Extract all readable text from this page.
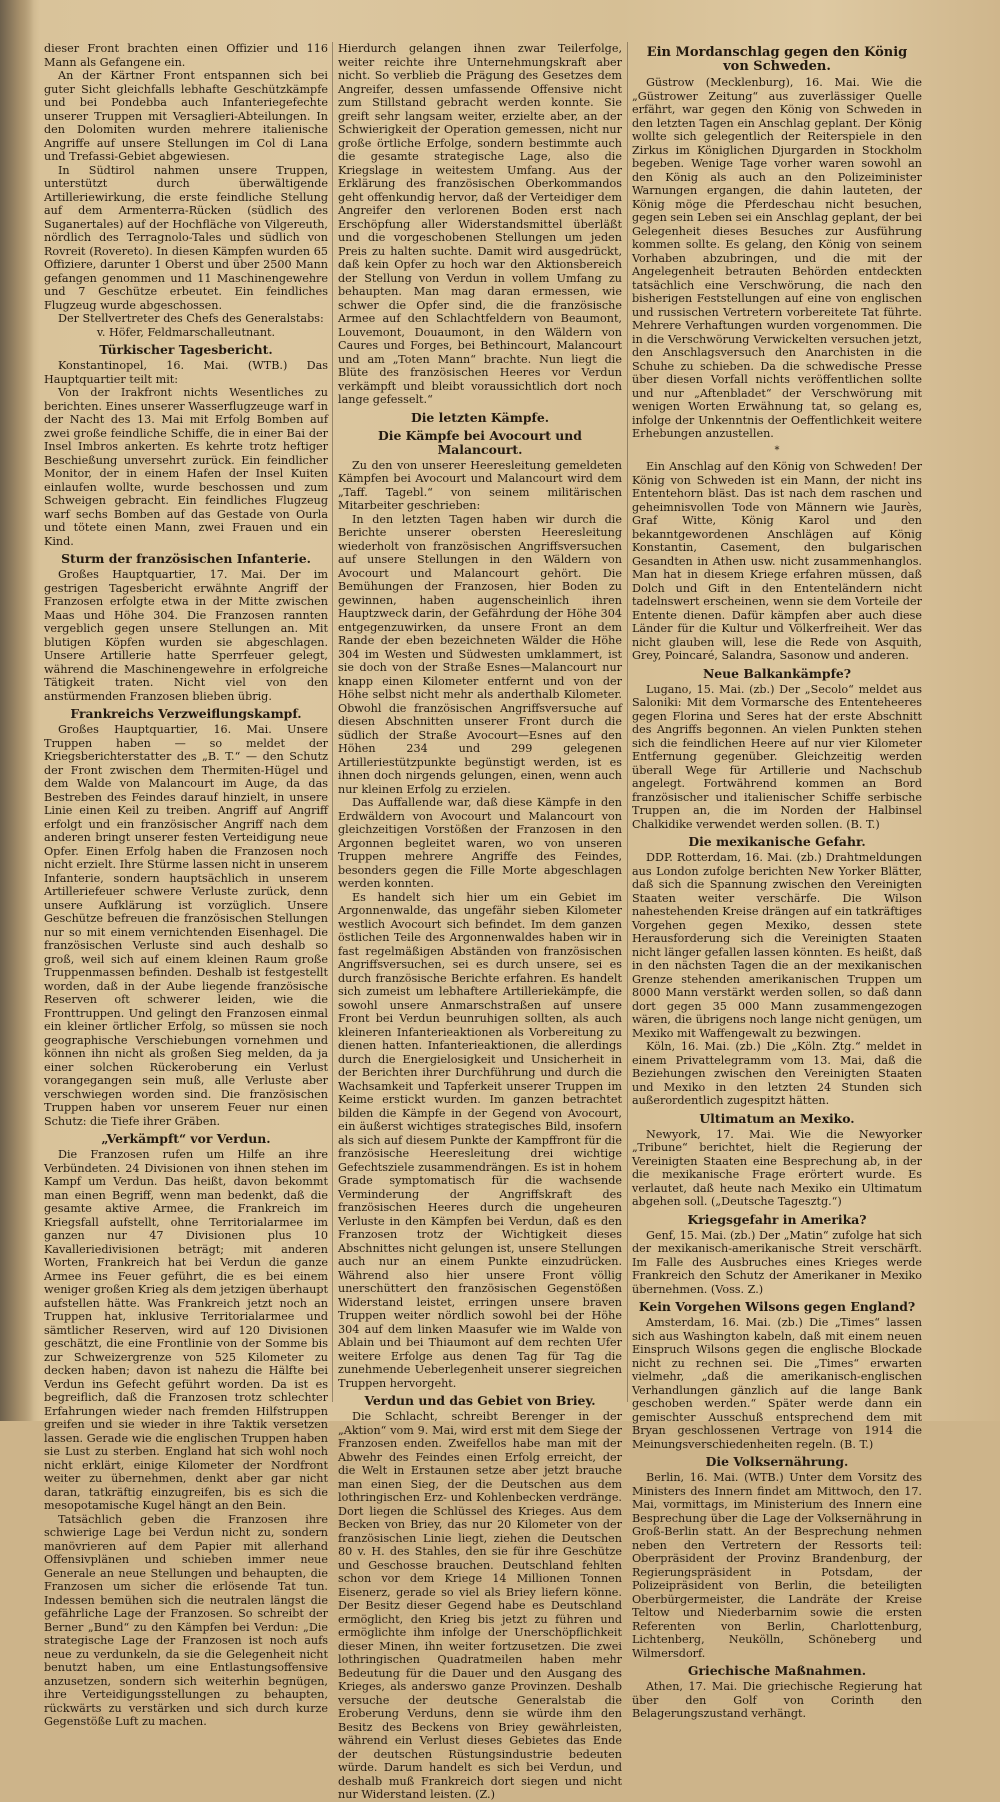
dieser Front brachten einen Offizier und 116 Mann als Gefangene ein.

An der Kärtner Front entspannen sich bei guter Sicht gleichfalls lebhafte Geschützkämpfe und bei Pondebba auch Infanteriegefechte unserer Truppen mit Versaglieri-Abteilungen. In den Dolomiten wurden mehrere italienische Angriffe auf unsere Stellungen im Col di Lana und Trefassi-Gebiet abgewiesen.

In Südtirol nahmen unsere Truppen, unterstützt durch überwältigende Artilleriewirkung, die erste feindliche Stellung auf dem Armenterra-Rücken (südlich des Suganertales) auf der Hochfläche von Vilgereuth, nördlich des Terragnolo-Tales und südlich von Rovreit (Rovereto). In diesen Kämpfen wurden 65 Offiziere, darunter 1 Oberst und über 2500 Mann gefangen genommen und 11 Maschinengewehre und 7 Geschütze erbeutet. Ein feindliches Flugzeug wurde abgeschossen.

Der Stellvertreter des Chefs des Generalstabs:

v. Höfer, Feldmarschalleutnant.

Türkischer Tagesbericht.

Konstantinopel, 16. Mai. (WTB.) Das Hauptquartier teilt mit:

Von der Irakfront nichts Wesentliches zu berichten. Eines unserer Wasserflugzeuge warf in der Nacht des 13. Mai mit Erfolg Bomben auf zwei große feindliche Schiffe, die in einer Bai der Insel Imbros ankerten. Es kehrte trotz heftiger Beschießung unversehrt zurück. Ein feindlicher Monitor, der in einem Hafen der Insel Kuiten einlaufen wollte, wurde beschossen und zum Schweigen gebracht. Ein feindliches Flugzeug warf sechs Bomben auf das Gestade von Ourla und tötete einen Mann, zwei Frauen und ein Kind.

Sturm der französischen Infanterie.

Großes Hauptquartier, 17. Mai. Der im gestrigen Tagesbericht erwähnte Angriff der Franzosen erfolgte etwa in der Mitte zwischen Maas und Höhe 304. Die Franzosen rannten vergeblich gegen unsere Stellungen an. Mit blutigen Köpfen wurden sie abgeschlagen. Unsere Artillerie hatte Sperrfeuer gelegt, während die Maschinengewehre in erfolgreiche Tätigkeit traten. Nicht viel von den anstürmenden Franzosen blieben übrig.

Frankreichs Verzweiflungskampf.

Großes Hauptquartier, 16. Mai. Unsere Truppen haben — so meldet der Kriegsberichterstatter des „B. T.“ — den Schutz der Front zwischen dem Thermiten-Hügel und dem Walde von Malancourt im Auge, da das Bestreben des Feindes darauf hinzielt, in unsere Linie einen Keil zu treiben. Angriff auf Angriff erfolgt und ein französischer Angriff nach dem anderen bringt unserer festen Verteidigung neue Opfer. Einen Erfolg haben die Franzosen noch nicht erzielt. Ihre Stürme lassen nicht in unserem Infanterie, sondern hauptsächlich in unserem Artilleriefeuer schwere Verluste zurück, denn unsere Aufklärung ist vorzüglich. Unsere Geschütze befreuen die französischen Stellungen nur so mit einem vernichtenden Eisenhagel. Die französischen Verluste sind auch deshalb so groß, weil sich auf einem kleinen Raum große Truppenmassen befinden. Deshalb ist festgestellt worden, daß in der Aube liegende französische Reserven oft schwerer leiden, wie die Fronttruppen. Und gelingt den Franzosen einmal ein kleiner örtlicher Erfolg, so müssen sie noch geographische Verschiebungen vornehmen und können ihn nicht als großen Sieg melden, da ja einer solchen Rückeroberung ein Verlust vorangegangen sein muß, alle Verluste aber verschwiegen worden sind. Die französischen Truppen haben vor unserem Feuer nur einen Schutz: die Tiefe ihrer Gräben.

„Verkämpft“ vor Verdun.

Die Franzosen rufen um Hilfe an ihre Verbündeten. 24 Divisionen von ihnen stehen im Kampf um Verdun. Das heißt, davon bekommt man einen Begriff, wenn man bedenkt, daß die gesamte aktive Armee, die Frankreich im Kriegsfall aufstellt, ohne Territorialarmee im ganzen nur 47 Divisionen plus 10 Kavalleriedivisionen beträgt; mit anderen Worten, Frankreich hat bei Verdun die ganze Armee ins Feuer geführt, die es bei einem weniger großen Krieg als dem jetzigen überhaupt aufstellen hätte. Was Frankreich jetzt noch an Truppen hat, inklusive Territorialarmee und sämtlicher Reserven, wird auf 120 Divisionen geschätzt, die eine Frontlinie von der Somme bis zur Schweizergrenze von 525 Kilometer zu decken haben; davon ist nahezu die Hälfte bei Verdun ins Gefecht geführt worden. Da ist es begreiflich, daß die Franzosen trotz schlechter Erfahrungen wieder nach fremden Hilfstruppen greifen und sie wieder in ihre Taktik versetzen lassen. Gerade wie die englischen Truppen haben sie Lust zu sterben. England hat sich wohl noch nicht erklärt, einige Kilometer der Nordfront weiter zu übernehmen, denkt aber gar nicht daran, tatkräftig einzugreifen, bis es sich die mesopotamische Kugel hängt an den Bein.

Tatsächlich geben die Franzosen ihre schwierige Lage bei Verdun nicht zu, sondern manövrieren auf dem Papier mit allerhand Offensivplänen und schieben immer neue Generale an neue Stellungen und behaupten, die Franzosen um sicher die erlösende Tat tun. Indessen bemühen sich die neutralen längst die gefährliche Lage der Franzosen. So schreibt der Berner „Bund“ zu den Kämpfen bei Verdun: „Die strategische Lage der Franzosen ist noch aufs neue zu verdunkeln, da sie die Gelegenheit nicht benutzt haben, um eine Entlastungsoffensive anzusetzen, sondern sich weiterhin begnügen, ihre Verteidigungsstellungen zu behaupten, rückwärts zu verstärken und sich durch kurze Gegenstöße Luft zu machen.

Hierdurch gelangen ihnen zwar Teilerfolge, weiter reichte ihre Unternehmungskraft aber nicht. So verblieb die Prägung des Gesetzes dem Angreifer, dessen umfassende Offensive nicht zum Stillstand gebracht werden konnte. Sie greift sehr langsam weiter, erzielte aber, an der Schwierigkeit der Operation gemessen, nicht nur große örtliche Erfolge, sondern bestimmte auch die gesamte strategische Lage, also die Kriegslage in weitestem Umfang. Aus der Erklärung des französischen Oberkommandos geht offenkundig hervor, daß der Verteidiger dem Angreifer den verlorenen Boden erst nach Erschöpfung aller Widerstandsmittel überläßt und die vorgeschobenen Stellungen um jeden Preis zu halten suchte. Damit wird ausgedrückt, daß kein Opfer zu hoch war den Aktionsbereich der Stellung von Verdun in vollem Umfang zu behaupten. Man mag daran ermessen, wie schwer die Opfer sind, die die französische Armee auf den Schlachtfeldern von Beaumont, Louvemont, Douaumont, in den Wäldern von Caures und Forges, bei Bethincourt, Malancourt und am „Toten Mann“ brachte. Nun liegt die Blüte des französischen Heeres vor Verdun verkämpft und bleibt voraussichtlich dort noch lange gefesselt.“

Die letzten Kämpfe.
Die Kämpfe bei Avocourt und Malancourt.

Zu den von unserer Heeresleitung gemeldeten Kämpfen bei Avocourt und Malancourt wird dem „Taff. Tagebl.“ von seinem militärischen Mitarbeiter geschrieben:

In den letzten Tagen haben wir durch die Berichte unserer obersten Heeresleitung wiederholt von französischen Angriffsversuchen auf unsere Stellungen in den Wäldern von Avocourt und Malancourt gehört. Die Bemühungen der Franzosen, hier Boden zu gewinnen, haben augenscheinlich ihren Hauptzweck darin, der Gefährdung der Höhe 304 entgegenzuwirken, da unsere Front an dem Rande der eben bezeichneten Wälder die Höhe 304 im Westen und Südwesten umklammert, ist sie doch von der Straße Esnes—Malancourt nur knapp einen Kilometer entfernt und von der Höhe selbst nicht mehr als anderthalb Kilometer. Obwohl die französischen Angriffsversuche auf diesen Abschnitten unserer Front durch die südlich der Straße Avocourt—Esnes auf den Höhen 234 und 299 gelegenen Artilleriestützpunkte begünstigt werden, ist es ihnen doch nirgends gelungen, einen, wenn auch nur kleinen Erfolg zu erzielen.

Das Auffallende war, daß diese Kämpfe in den Erdwäldern von Avocourt und Malancourt von gleichzeitigen Vorstößen der Franzosen in den Argonnen begleitet waren, wo von unseren Truppen mehrere Angriffe des Feindes, besonders gegen die Fille Morte abgeschlagen werden konnten.

Es handelt sich hier um ein Gebiet im Argonnenwalde, das ungefähr sieben Kilometer westlich Avocourt sich befindet. Im dem ganzen östlichen Teile des Argonnenwaldes haben wir in fast regelmäßigen Abständen von französischen Angriffsversuchen, sei es durch unsere, sei es durch französische Berichte erfahren. Es handelt sich zumeist um lebhaftere Artilleriekämpfe, die sowohl unsere Anmarschstraßen auf unsere Front bei Verdun beunruhigen sollten, als auch kleineren Infanterieaktionen als Vorbereitung zu dienen hatten. Infanterieaktionen, die allerdings durch die Energielosigkeit und Unsicherheit in der Berichten ihrer Durchführung und durch die Wachsamkeit und Tapferkeit unserer Truppen im Keime erstickt wurden. Im ganzen betrachtet bilden die Kämpfe in der Gegend von Avocourt, ein äußerst wichtiges strategisches Bild, insofern als sich auf diesem Punkte der Kampffront für die französische Heeresleitung drei wichtige Gefechtsziele zusammendrängen. Es ist in hohem Grade symptomatisch für die wachsende Verminderung der Angriffskraft des französischen Heeres durch die ungeheuren Verluste in den Kämpfen bei Verdun, daß es den Franzosen trotz der Wichtigkeit dieses Abschnittes nicht gelungen ist, unsere Stellungen auch nur an einem Punkte einzudrücken. Während also hier unsere Front völlig unerschüttert den französischen Gegenstößen Widerstand leistet, erringen unsere braven Truppen weiter nördlich sowohl bei der Höhe 304 auf dem linken Maasufer wie im Walde von Ablain und bei Thiaumont auf dem rechten Ufer weitere Erfolge aus denen Tag für Tag die zunehmende Ueberlegenheit unserer siegreichen Truppen hervorgeht.

Verdun und das Gebiet von Briey.

Die Schlacht, schreibt Berenger in der „Aktion“ vom 9. Mai, wird erst mit dem Siege der Franzosen enden. Zweifellos habe man mit der Abwehr des Feindes einen Erfolg erreicht, der die Welt in Erstaunen setze aber jetzt brauche man einen Sieg, der die Deutschen aus dem lothringischen Erz- und Kohlenbecken verdränge. Dort liegen die Schlüssel des Krieges. Aus dem Becken von Briey, das nur 20 Kilometer von der französischen Linie liegt, ziehen die Deutschen 80 v. H. des Stahles, den sie für ihre Geschütze und Geschosse brauchen. Deutschland fehlten schon vor dem Kriege 14 Millionen Tonnen Eisenerz, gerade so viel als Briey liefern könne. Der Besitz dieser Gegend habe es Deutschland ermöglicht, den Krieg bis jetzt zu führen und ermöglichte ihm infolge der Unerschöpflichkeit dieser Minen, ihn weiter fortzusetzen. Die zwei lothringischen Quadratmeilen haben mehr Bedeutung für die Dauer und den Ausgang des Krieges, als anderswo ganze Provinzen. Deshalb versuche der deutsche Generalstab die Eroberung Verduns, denn sie würde ihm den Besitz des Beckens von Briey gewährleisten, während ein Verlust dieses Gebietes das Ende der deutschen Rüstungsindustrie bedeuten würde. Darum handelt es sich bei Verdun, und deshalb muß Frankreich dort siegen und nicht nur Widerstand leisten. (Z.)

Ein Mordanschlag gegen den König von Schweden.

Güstrow (Mecklenburg), 16. Mai. Wie die „Güstrower Zeitung“ aus zuverlässiger Quelle erfährt, war gegen den König von Schweden in den letzten Tagen ein Anschlag geplant. Der König wollte sich gelegentlich der Reiterspiele in den Zirkus im Königlichen Djurgarden in Stockholm begeben. Wenige Tage vorher waren sowohl an den König als auch an den Polizeiminister Warnungen ergangen, die dahin lauteten, der König möge die Pferdeschau nicht besuchen, gegen sein Leben sei ein Anschlag geplant, der bei Gelegenheit dieses Besuches zur Ausführung kommen sollte. Es gelang, den König von seinem Vorhaben abzubringen, und die mit der Angelegenheit betrauten Behörden entdeckten tatsächlich eine Verschwörung, die nach den bisherigen Feststellungen auf eine von englischen und russischen Vertretern vorbereitete Tat führte. Mehrere Verhaftungen wurden vorgenommen. Die in die Verschwörung Verwickelten versuchen jetzt, den Anschlagsversuch den Anarchisten in die Schuhe zu schieben. Da die schwedische Presse über diesen Vorfall nichts veröffentlichen sollte und nur „Aftenbladet“ der Verschwörung mit wenigen Worten Erwähnung tat, so gelang es, infolge der Unkenntnis der Oeffentlichkeit weitere Erhebungen anzustellen.

*

Ein Anschlag auf den König von Schweden! Der König von Schweden ist ein Mann, der nicht ins Ententehorn bläst. Das ist nach dem raschen und geheimnisvollen Tode von Männern wie Jaurès, Graf Witte, König Karol und den bekanntgewordenen Anschlägen auf König Konstantin, Casement, den bulgarischen Gesandten in Athen usw. nicht zusammenhanglos. Man hat in diesem Kriege erfahren müssen, daß Dolch und Gift in den Ententeländern nicht tadelnswert erscheinen, wenn sie dem Vorteile der Entente dienen. Dafür kämpfen aber auch diese Länder für die Kultur und Völkerfreiheit. Wer das nicht glauben will, lese die Rede von Asquith, Grey, Poincaré, Salandra, Sasonow und anderen.

Neue Balkankämpfe?

Lugano, 15. Mai. (zb.) Der „Secolo“ meldet aus Saloniki: Mit dem Vormarsche des Ententeheeres gegen Florina und Seres hat der erste Abschnitt des Angriffs begonnen. An vielen Punkten stehen sich die feindlichen Heere auf nur vier Kilometer Entfernung gegenüber. Gleichzeitig werden überall Wege für Artillerie und Nachschub angelegt. Fortwährend kommen an Bord französischer und italienischer Schiffe serbische Truppen an, die im Norden der Halbinsel Chalkidike verwendet werden sollen. (B. T.)

Die mexikanische Gefahr.

DDP. Rotterdam, 16. Mai. (zb.) Drahtmeldungen aus London zufolge berichten New Yorker Blätter, daß sich die Spannung zwischen den Vereinigten Staaten weiter verschärfe. Die Wilson nahestehenden Kreise drängen auf ein tatkräftiges Vorgehen gegen Mexiko, dessen stete Herausforderung sich die Vereinigten Staaten nicht länger gefallen lassen könnten. Es heißt, daß in den nächsten Tagen die an der mexikanischen Grenze stehenden amerikanischen Truppen um 8000 Mann verstärkt werden sollen, so daß dann dort gegen 35 000 Mann zusammengezogen wären, die übrigens noch lange nicht genügen, um Mexiko mit Waffengewalt zu bezwingen.

Köln, 16. Mai. (zb.) Die „Köln. Ztg.“ meldet in einem Privattelegramm vom 13. Mai, daß die Beziehungen zwischen den Vereinigten Staaten und Mexiko in den letzten 24 Stunden sich außerordentlich zugespitzt hätten.

Ultimatum an Mexiko.

Newyork, 17. Mai. Wie die Newyorker „Tribune“ berichtet, hielt die Regierung der Vereinigten Staaten eine Besprechung ab, in der die mexikanische Frage erörtert wurde. Es verlautet, daß heute nach Mexiko ein Ultimatum abgehen soll. („Deutsche Tagesztg.“)

Kriegsgefahr in Amerika?

Genf, 15. Mai. (zb.) Der „Matin“ zufolge hat sich der mexikanisch-amerikanische Streit verschärft. Im Falle des Ausbruches eines Krieges werde Frankreich den Schutz der Amerikaner in Mexiko übernehmen. (Voss. Z.)

Kein Vorgehen Wilsons gegen England?

Amsterdam, 16. Mai. (zb.) Die „Times“ lassen sich aus Washington kabeln, daß mit einem neuen Einspruch Wilsons gegen die englische Blockade nicht zu rechnen sei. Die „Times“ erwarten vielmehr, „daß die amerikanisch-englischen Verhandlungen gänzlich auf die lange Bank geschoben werden.“ Später werde dann ein gemischter Ausschuß entsprechend dem mit Bryan geschlossenen Vertrage von 1914 die Meinungsverschiedenheiten regeln. (B. T.)

Die Volksernährung.

Berlin, 16. Mai. (WTB.) Unter dem Vorsitz des Ministers des Innern findet am Mittwoch, den 17. Mai, vormittags, im Ministerium des Innern eine Besprechung über die Lage der Volksernährung in Groß-Berlin statt. An der Besprechung nehmen neben den Vertretern der Ressorts teil: Oberpräsident der Provinz Brandenburg, der Regierungspräsident in Potsdam, der Polizeipräsident von Berlin, die beteiligten Oberbürgermeister, die Landräte der Kreise Teltow und Niederbarnim sowie die ersten Referenten von Berlin, Charlottenburg, Lichtenberg, Neukölln, Schöneberg und Wilmersdorf.

Griechische Maßnahmen.

Athen, 17. Mai. Die griechische Regierung hat über den Golf von Corinth den Belagerungszustand verhängt.
